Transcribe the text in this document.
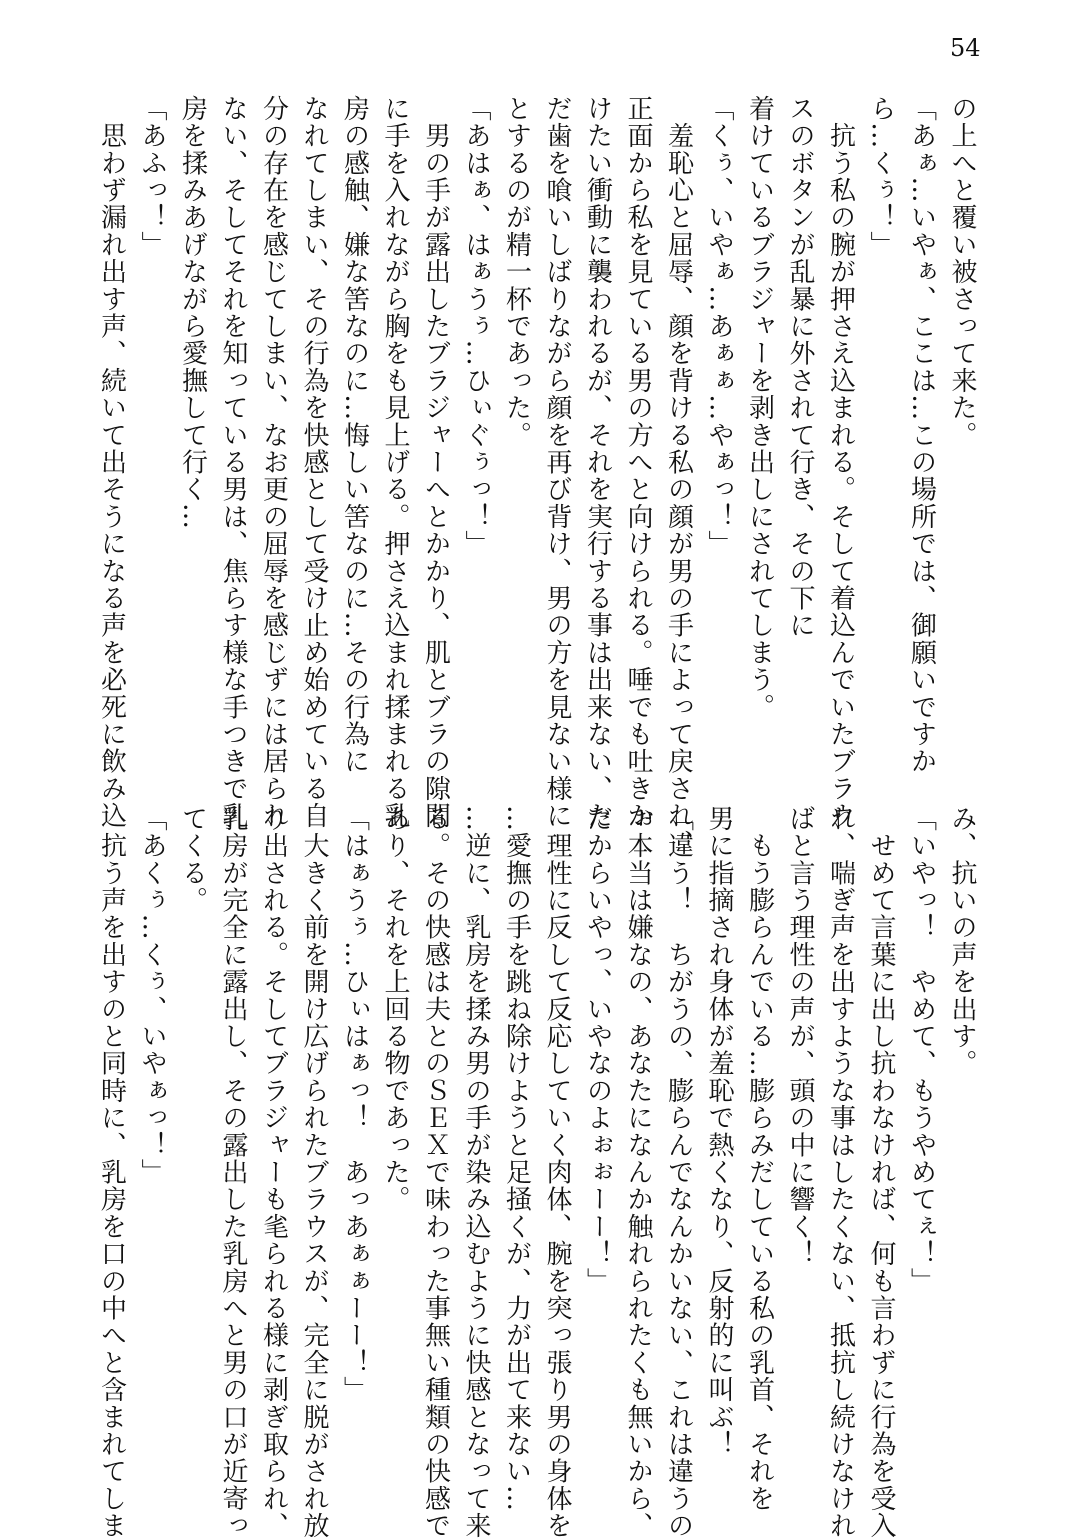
54
の上へと覆い被さって来た。
「あぁ…いやぁ、ここは…この場所では、御願いですか
ら…くぅ！」
　抗う私の腕が押さえ込まれる。そして着込んでいたブラウ
スのボタンが乱暴に外されて行き、その下に
着けているブラジャーを剥き出しにされてしまう。
「くぅ、いやぁ…あぁぁ…やぁっ！」
　羞恥心と屈辱、顔を背ける私の顔が男の手によって戻され、
正面から私を見ている男の方へと向けられる。唾でも吐きか
けたい衝動に襲われるが、それを実行する事は出来ない、た
だ歯を喰いしばりながら顔を再び背け、男の方を見ない様に
とするのが精一杯であった。
「あはぁ、はぁうぅ…ひぃぐぅっ！」
　男の手が露出したブラジャーへとかかり、肌とブラの隙間
に手を入れながら胸をも見上げる。押さえ込まれ揉まれる乳
房の感触、嫌な筈なのに…悔しい筈なのに…その行為に
なれてしまい、その行為を快感として受け止め始めている自
分の存在を感じてしまい、なお更の屈辱を感じずには居られ
ない、そしてそれを知っている男は、焦らす様な手つきで乳
房を揉みあげながら愛撫して行く…
「あふっ！」
　思わず漏れ出す声、続いて出そうになる声を必死に飲み込
み、抗いの声を出す。
「いやっ！　やめて、もうやめてぇ！」
　せめて言葉に出し抗わなければ、何も言わずに行為を受入
れ、喘ぎ声を出すような事はしたくない、抵抗し続けなけれ
ばと言う理性の声が、頭の中に響く！
　もう膨らんでいる…膨らみだしている私の乳首、それを
男に指摘され身体が羞恥で熱くなり、反射的に叫ぶ！
「違う！　ちがうの、膨らんでなんかいない、これは違うの
ぉ本当は嫌なの、あなたになんか触れられたくも無いから、
だからいやっ、いやなのよぉぉーー！」
　理性に反して反応していく肉体、腕を突っ張り男の身体を
…愛撫の手を跳ね除けようと足掻くが、力が出て来ない…
…逆に、乳房を揉み男の手が染み込むように快感となって来
る。その快感は夫とのＳＥＸで味わった事無い種類の快感で
あり、それを上回る物であった。
「はぁうぅ…ひぃはぁっ！　あっあぁぁーー！」
　大きく前を開け広げられたブラウスが、完全に脱がされ放
り出される。そしてブラジャーも毟られる様に剥ぎ取られ、
乳房が完全に露出し、その露出した乳房へと男の口が近寄っ
てくる。
「あくぅ…くぅ、いやぁっ！」
　抗う声を出すのと同時に、乳房を口の中へと含まれてしま
